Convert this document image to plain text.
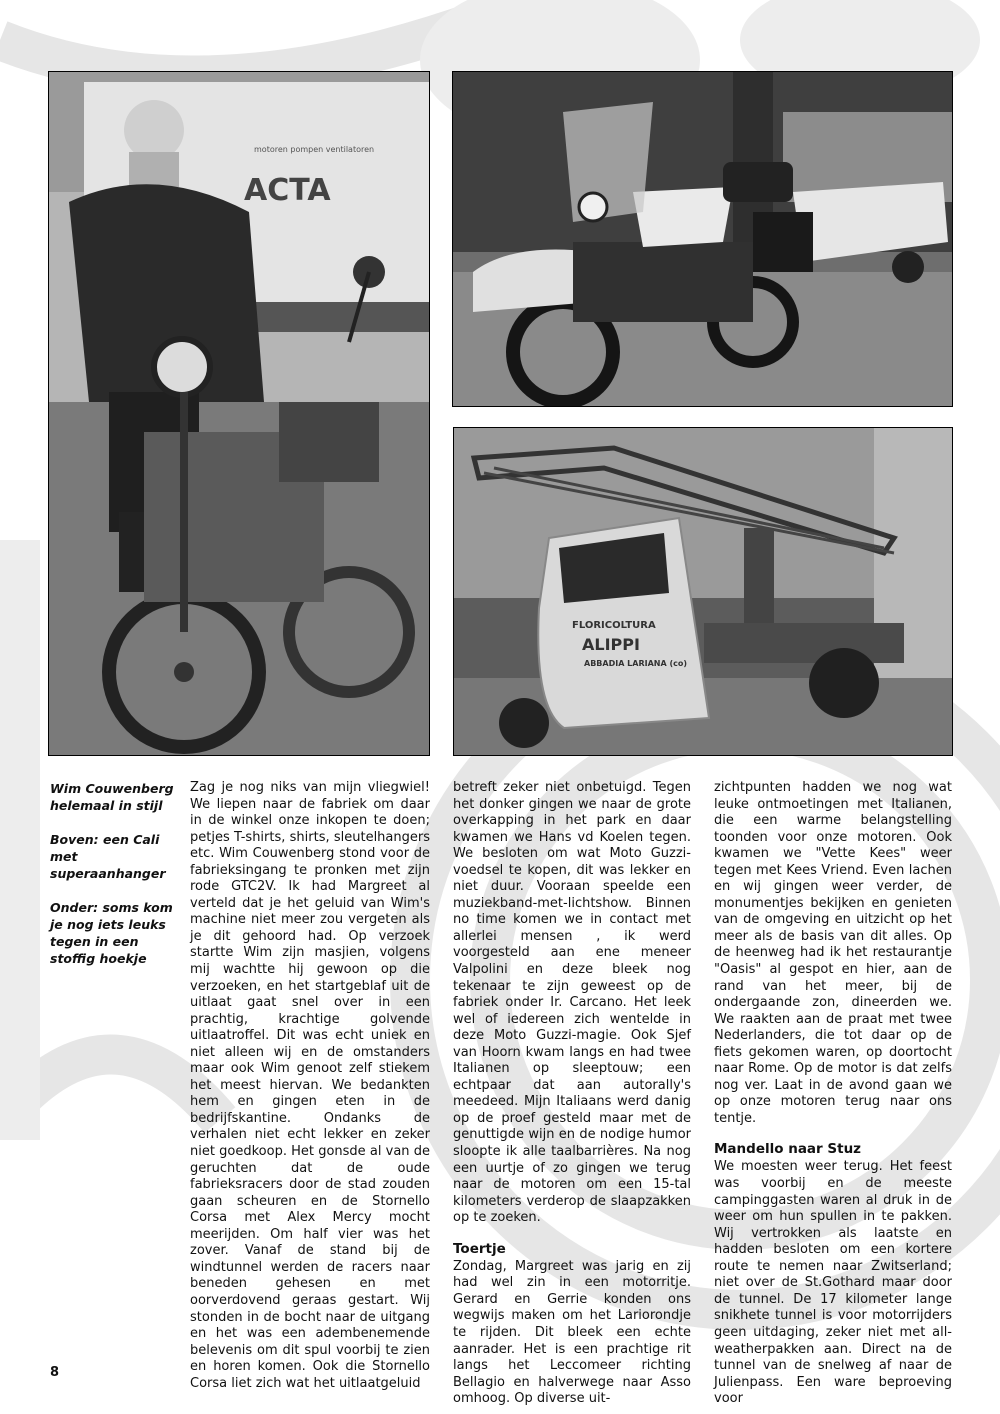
motoren pompen ventilatoren
ACTA
FLORICOLTURA
ALIPPI
ABBADIA LARIANA (co)

Wim Couwenberg helemaal in stijl

Boven: een Cali met superaanhanger

Onder: soms kom je nog iets leuks tegen in een stoffig hoekje

Zag je nog niks van mijn vliegwiel! We liepen naar de fabriek om daar in de winkel onze inkopen te doen; petjes T-shirts, shirts, sleutelhangers etc. Wim Couwenberg stond voor de fabrieksingang te pronken met zijn rode GTC2V. Ik had Margreet al verteld dat je het geluid van Wim's machine niet meer zou vergeten als je dit gehoord had. Op verzoek startte Wim zijn masjien, volgens mij wachtte hij gewoon op die verzoeken, en het startgeblaf uit de uitlaat gaat snel over in een prachtig, krachtige golvende uitlaatroffel. Dit was echt uniek en niet alleen wij en de omstanders maar ook Wim genoot zelf stiekem het meest hiervan. We bedankten hem en gingen eten in de bedrijfskantine. Ondanks de verhalen niet echt lekker en zeker niet goedkoop. Het gonsde al van de geruchten dat de oude fabrieksracers door de stad zouden gaan scheuren en de Stornello Corsa met Alex Mercy mocht meerijden. Om half vier was het zover. Vanaf de stand bij de windtunnel werden de racers naar beneden gehesen en met oorverdovend geraas gestart. Wij stonden in de bocht naar de uitgang en het was een adembenemende belevenis om dit spul voorbij te zien en horen komen. Ook die Stornello Corsa liet zich wat het uitlaatgeluid

betreft zeker niet onbetuigd. Tegen het donker gingen we naar de grote overkapping in het park en daar kwamen we Hans vd Koelen tegen. We besloten om wat Moto Guzzi-voedsel te kopen, dit was lekker en niet duur. Vooraan speelde een muziekband-met-lichtshow. Binnen no time komen we in contact met allerlei mensen , ik werd voorgesteld aan ene meneer Valpolini en deze bleek nog tekenaar te zijn geweest op de fabriek onder Ir. Carcano. Het leek wel of iedereen zich wentelde in deze Moto Guzzi-magie. Ook Sjef van Hoorn kwam langs en had twee Italianen op sleeptouw; een echtpaar dat aan autorally's meedeed. Mijn Italiaans werd danig op de proef gesteld maar met de genuttigde wijn en de nodige humor sloopte ik alle taalbarrières. Na nog een uurtje of zo gingen we terug naar de motoren om een 15-tal kilometers verderop de slaapzakken op te zoeken.

Toertje

Zondag, Margreet was jarig en zij had wel zin in een motorritje. Gerard en Gerrie konden ons wegwijs maken om het Lariorondje te rijden. Dit bleek een echte aanrader. Het is een prachtige rit langs het Leccomeer richting Bellagio en halverwege naar Asso omhoog. Op diverse uit-

zichtpunten hadden we nog wat leuke ontmoetingen met Italianen, die een warme belangstelling toonden voor onze motoren. Ook kwamen we "Vette Kees" weer tegen met Kees Vriend. Even lachen en wij gingen weer verder, de monumentjes bekijken en genieten van de omgeving en uitzicht op het meer als de basis van dit alles. Op de heenweg had ik het restaurantje "Oasis" al gespot en hier, aan de rand van het meer, bij de ondergaande zon, dineerden we. We raakten aan de praat met twee Nederlanders, die tot daar op de fiets gekomen waren, op doortocht naar Rome. Op de motor is dat zelfs nog ver. Laat in de avond gaan we op onze motoren terug naar ons tentje.

Mandello naar Stuz

We moesten weer terug. Het feest was voorbij en de meeste campinggasten waren al druk in de weer om hun spullen in te pakken. Wij vertrokken als laatste en hadden besloten om een kortere route te nemen naar Zwitserland; niet over de St.Gothard maar door de tunnel. De 17 kilometer lange snikhete tunnel is voor motorrijders geen uitdaging, zeker niet met all-weatherpakken aan. Direct na de tunnel van de snelweg af naar de Julienpass. Een ware beproeving voor

8
